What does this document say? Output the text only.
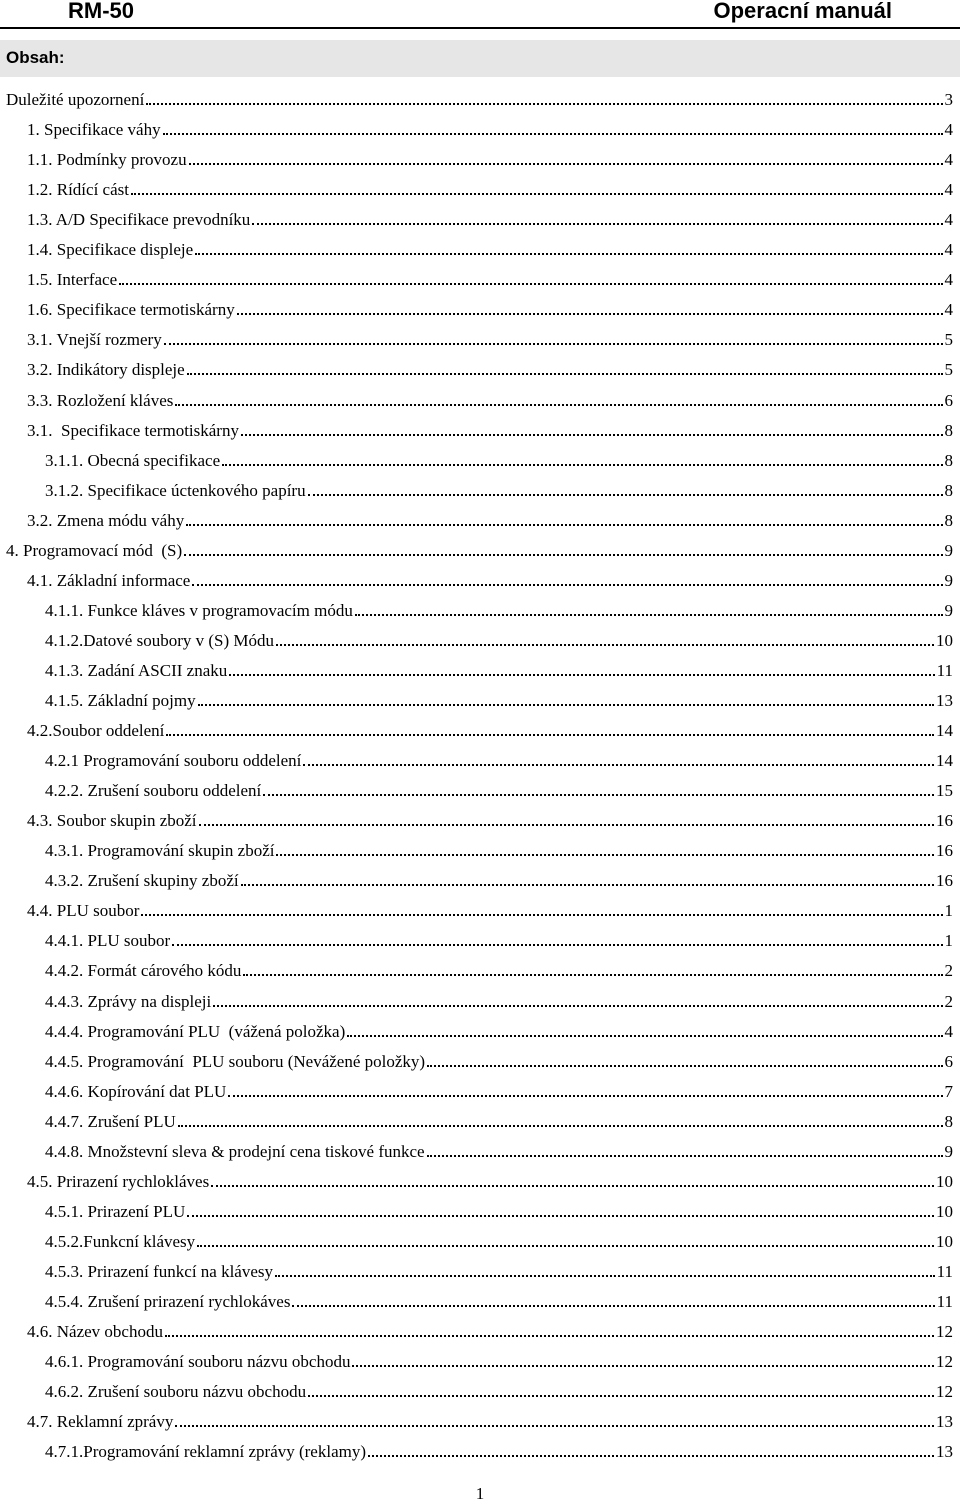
RM-50	Operacní manuál
Obsah:
Duležité upozornení	3
1. Specifikace váhy	4
1.1. Podmínky provozu	4
1.2. Rídící cást	4
1.3. A/D Specifikace prevodníku	4
1.4. Specifikace displeje	4
1.5. Interface	4
1.6. Specifikace termotiskárny	4
3.1. Vnejší rozmery	5
3.2. Indikátory displeje	5
3.3. Rozložení kláves	6
3.1.  Specifikace termotiskárny	8
3.1.1. Obecná specifikace	8
3.1.2. Specifikace úctenkového papíru	8
3.2. Zmena módu váhy	8
4. Programovací mód  (S)	9
4.1. Základní informace	9
4.1.1. Funkce kláves v programovacím módu	9
4.1.2.Datové soubory v (S) Módu	10
4.1.3. Zadání ASCII znaku	11
4.1.5. Základní pojmy	13
4.2.Soubor oddelení	14
4.2.1 Programování souboru oddelení	14
4.2.2. Zrušení souboru oddelení	15
4.3. Soubor skupin zboží	16
4.3.1. Programování skupin zboží	16
4.3.2. Zrušení skupiny zboží	16
4.4. PLU soubor	1
4.4.1. PLU soubor	1
4.4.2. Formát cárového kódu	2
4.4.3. Zprávy na displeji	2
4.4.4. Programování PLU  (vážená položka)	4
4.4.5. Programování  PLU souboru (Nevážené položky)	6
4.4.6. Kopírování dat PLU	7
4.4.7. Zrušení PLU	8
4.4.8. Množstevní sleva & prodejní cena tiskové funkce	9
4.5. Prirazení rychlokláves	10
4.5.1. Prirazení PLU	10
4.5.2.Funkcní klávesy	10
4.5.3. Prirazení funkcí na klávesy	11
4.5.4. Zrušení prirazení rychlokáves	11
4.6. Název obchodu	12
4.6.1. Programování souboru názvu obchodu	12
4.6.2. Zrušení souboru názvu obchodu	12
4.7. Reklamní zprávy	13
4.7.1.Programování reklamní zprávy (reklamy)	13
1
